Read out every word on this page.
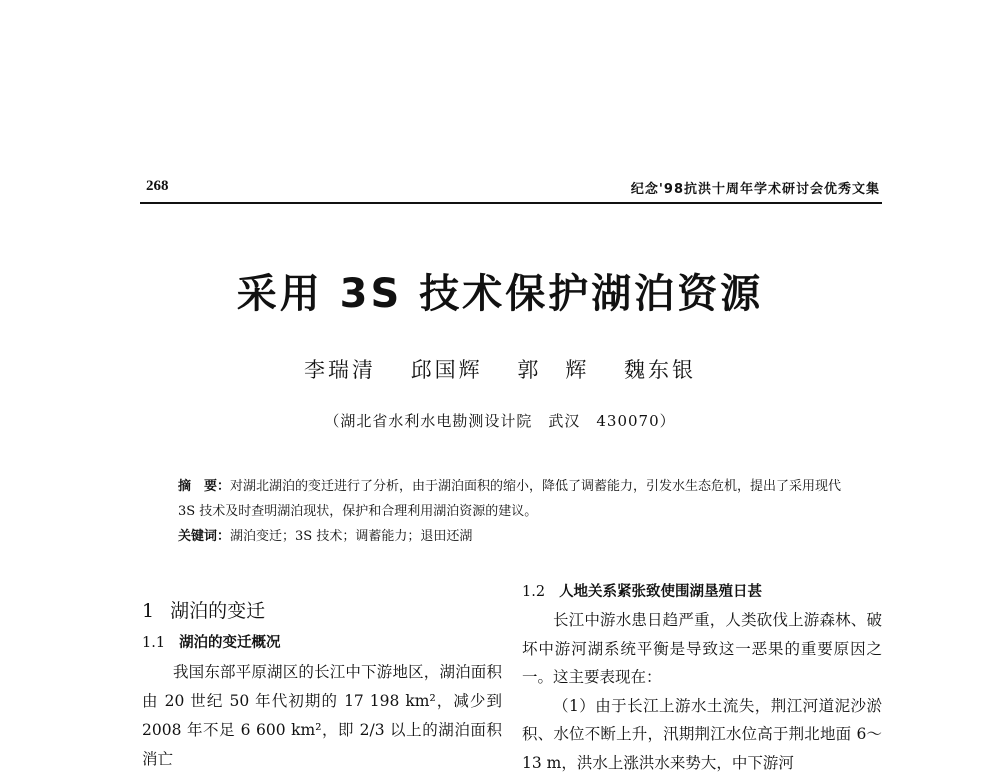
268	纪念'98抗洪十周年学术研讨会优秀文集
采用 3S 技术保护湖泊资源
李瑞清 邱国辉 郭　辉 魏东银
（湖北省水利水电勘测设计院　武汉　430070）
摘　要：对湖北湖泊的变迁进行了分析，由于湖泊面积的缩小，降低了调蓄能力，引发水生态危机，提出了采用现代 3S 技术及时查明湖泊现状，保护和合理利用湖泊资源的建议。
关键词：湖泊变迁；3S 技术；调蓄能力；退田还湖
1 湖泊的变迁
1.1 湖泊的变迁概况
我国东部平原湖区的长江中下游地区，湖泊面积由 20 世纪 50 年代初期的 17 198 km²，减少到 2008 年不足 6 600 km²，即 2/3 以上的湖泊面积消亡
1.2 人地关系紧张致使围湖垦殖日甚
长江中游水患日趋严重，人类砍伐上游森林、破坏中游河湖系统平衡是导致这一恶果的重要原因之一。这主要表现在：
（1）由于长江上游水土流失，荆江河道泥沙淤积、水位不断上升，汛期荆江水位高于荆北地面 6～13 m，洪水上涨洪水来势大，中下游河
